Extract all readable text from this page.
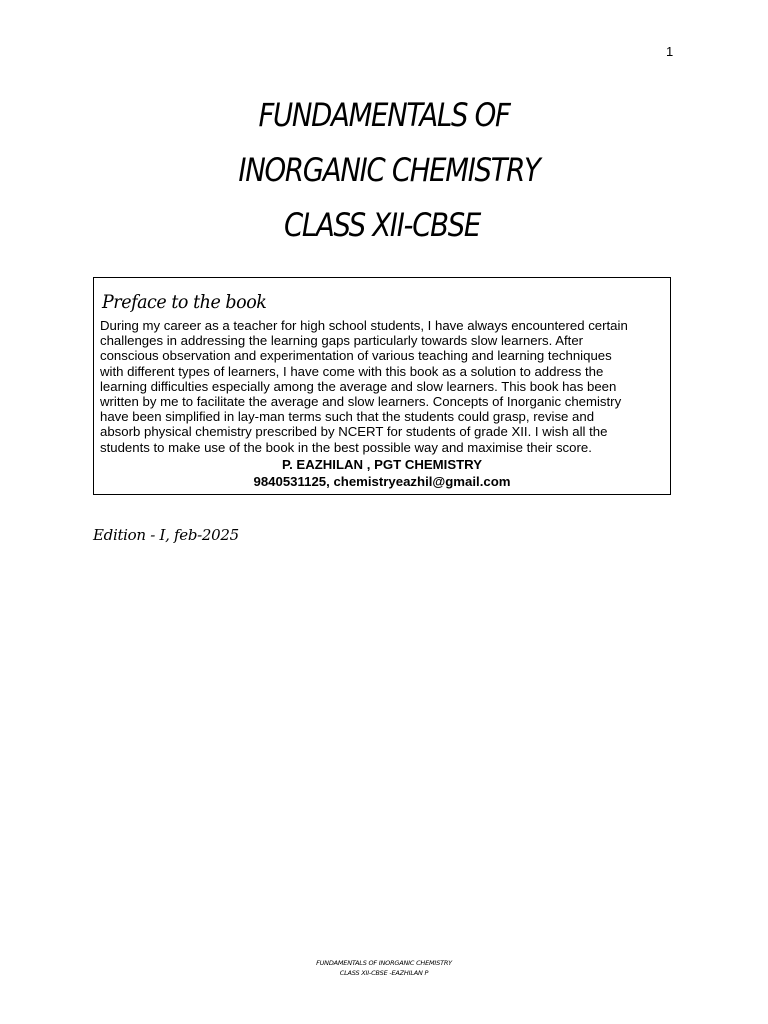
1
FUNDAMENTALS OF
INORGANIC CHEMISTRY
CLASS XII-CBSE
Preface to the book
During my career as a teacher for high school students, I have always encountered certain
challenges in addressing the learning gaps particularly towards slow learners. After
conscious observation and experimentation of various teaching and learning techniques
with different types of learners, I have come with this book as a solution to address the
learning difficulties especially among the average and slow learners. This book has been
written by me to facilitate the average and slow learners. Concepts of Inorganic chemistry
have been simplified in lay-man terms such that the students could grasp, revise and
absorb physical chemistry prescribed by NCERT for students of grade XII. I wish all the
students to make use of the book in the best possible way and maximise their score.
P. EAZHILAN , PGT CHEMISTRY
9840531125, chemistryeazhil@gmail.com
Edition - I, feb-2025
FUNDAMENTALS OF INORGANIC CHEMISTRY
CLASS XII-CBSE -EAZHILAN P
